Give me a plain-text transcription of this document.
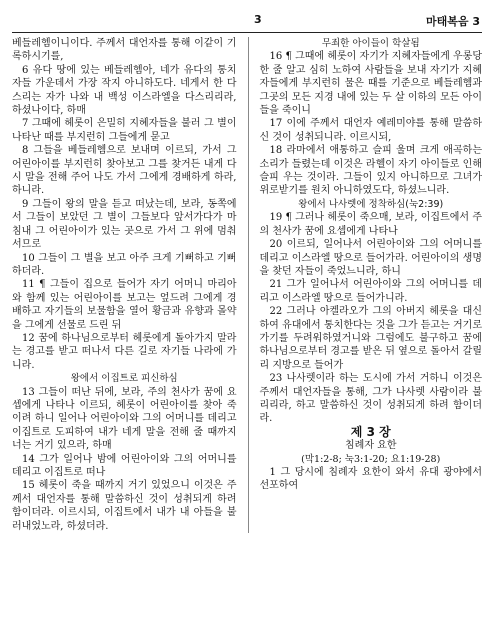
3	마태복음 3

베들레헴이니이다. 주께서 대언자를 통해 이같이 기록하시기를,

6 유다 땅에 있는 베들레헴아, 네가 유다의 통치자들 가운데서 가장 작지 아니하도다. 네게서 한 다스리는 자가 나와 내 백성 이스라엘을 다스리리라, 하셨나이다, 하매

7 그때에 헤롯이 은밀히 지혜자들을 불러 그 별이 나타난 때를 부지런히 그들에게 묻고

8 그들을 베들레헴으로 보내며 이르되, 가서 그 어린아이를 부지런히 찾아보고 그를 찾거든 내게 다시 말을 전해 주어 나도 가서 그에게 경배하게 하라, 하니라.

9 그들이 왕의 말을 듣고 떠났는데, 보라, 동쪽에서 그들이 보았던 그 별이 그들보다 앞서가다가 마침내 그 어린아이가 있는 곳으로 가서 그 위에 멈춰 서므로

10 그들이 그 별을 보고 아주 크게 기뻐하고 기뻐하더라.

11 ¶ 그들이 집으로 들어가 자기 어머니 마리아와 함께 있는 어린아이를 보고는 엎드려 그에게 경배하고 자기들의 보물함을 열어 황금과 유향과 몰약을 그에게 선물로 드린 뒤

12 꿈에 하나님으로부터 헤롯에게 돌아가지 말라는 경고를 받고 떠나서 다른 길로 자기들 나라에 가니라.

왕에서 이집트로 피신하심

13 그들이 떠난 뒤에, 보라, 주의 천사가 꿈에 요셉에게 나타나 이르되, 헤롯이 어린아이를 찾아 죽이려 하니 일어나 어린아이와 그의 어머니를 데리고 이집트로 도피하여 내가 네게 말을 전해 줄 때까지 너는 거기 있으라, 하매

14 그가 일어나 밤에 어린아이와 그의 어머니를 데리고 이집트로 떠나

15 헤롯이 죽을 때까지 거기 있었으니 이것은 주께서 대언자를 통해 말씀하신 것이 성취되게 하려 함이더라. 이르시되, 이집트에서 내가 내 아들을 불러내었노라, 하셨더라.

무죄한 아이들이 학살됨

16 ¶ 그때에 헤롯이 자기가 지혜자들에게 우롱당한 줄 알고 심히 노하여 사람들을 보내 자기가 지혜자들에게 부지런히 물은 때를 기준으로 베들레헴과 그곳의 모든 지경 내에 있는 두 살 이하의 모든 아이들을 죽이니

17 이에 주께서 대언자 예레미야를 통해 말씀하신 것이 성취되니라. 이르시되,

18 라마에서 애통하고 슬피 울며 크게 애곡하는 소리가 들렸는데 이것은 라헬이 자기 아이들로 인해 슬피 우는 것이라. 그들이 있지 아니하므로 그녀가 위로받기를 원치 아니하였도다, 하셨느니라.

왕에서 나사렛에 정착하심(눅2:39)

19 ¶ 그러나 헤롯이 죽으매, 보라, 이집트에서 주의 천사가 꿈에 요셉에게 나타나

20 이르되, 일어나서 어린아이와 그의 어머니를 데리고 이스라엘 땅으로 들어가라. 어린아이의 생명을 찾던 자들이 죽었느니라, 하니

21 그가 일어나서 어린아이와 그의 어머니를 데리고 이스라엘 땅으로 들어가니라.

22 그러나 아켈라오가 그의 아버지 헤롯을 대신하여 유대에서 통치한다는 것을 그가 듣고는 거기로 가기를 두려워하였거니와 그럼에도 불구하고 꿈에 하나님으로부터 경고를 받은 뒤 옆으로 돌아서 갈릴리 지방으로 들어가

23 나사렛이라 하는 도시에 가서 거하니 이것은 주께서 대언자들을 통해, 그가 나사렛 사람이라 불리리라, 하고 말씀하신 것이 성취되게 하려 함이더라.

제 3 장

침례자 요한

(막1:2-8; 눅3:1-20; 요1:19-28)

1 그 당시에 침례자 요한이 와서 유대 광야에서 선포하여
